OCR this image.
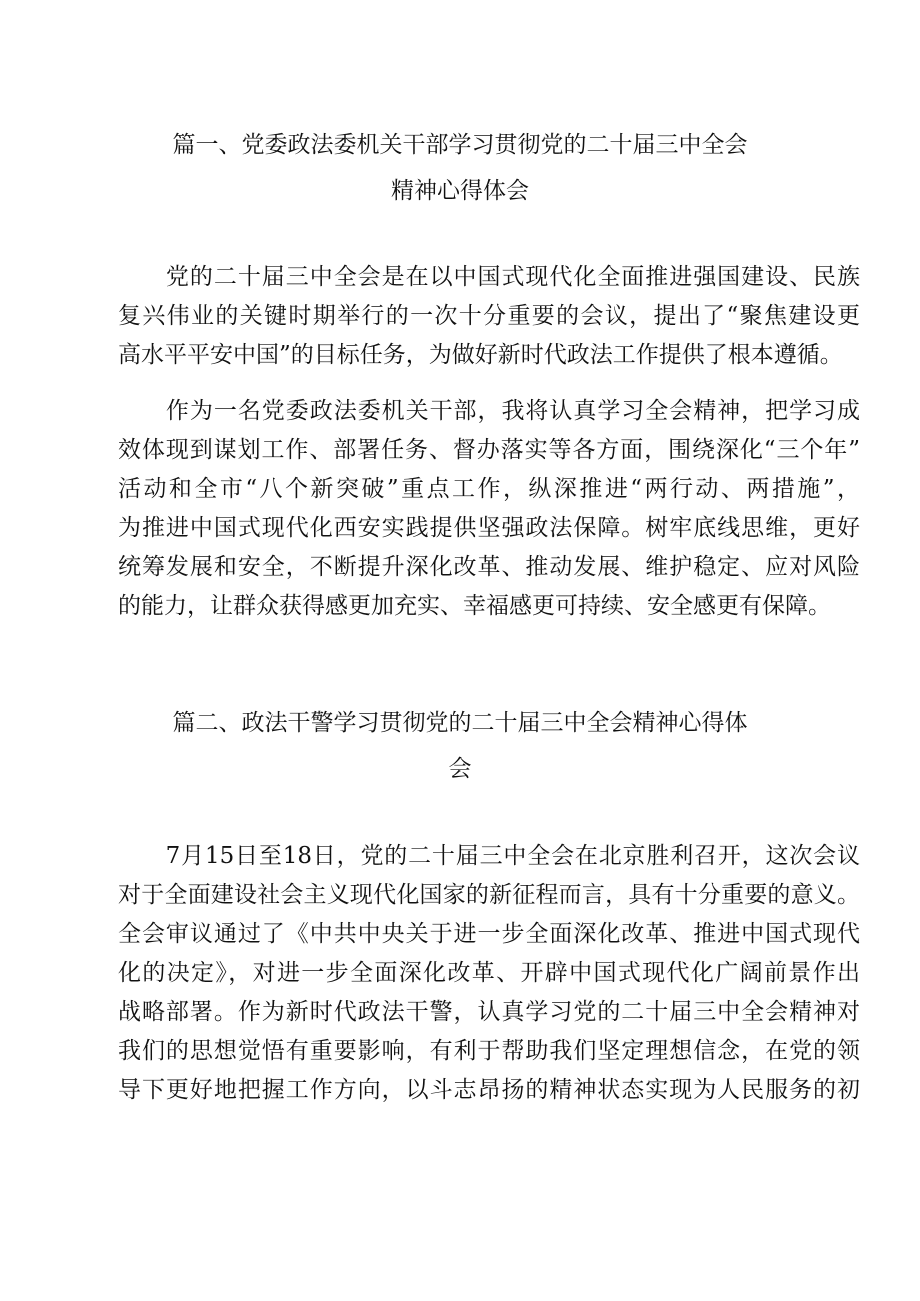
篇一、党委政法委机关干部学习贯彻党的二十届三中全会
精神心得体会

　　党的二十届三中全会是在以中国式现代化全面推进强国建设、民族
复兴伟业的关键时期举行的一次十分重要的会议，提出了“聚焦建设更
高水平平安中国”的目标任务，为做好新时代政法工作提供了根本遵循。

　　作为一名党委政法委机关干部，我将认真学习全会精神，把学习成
效体现到谋划工作、部署任务、督办落实等各方面，围绕深化“三个年”
活动和全市“八个新突破”重点工作，纵深推进“两行动、两措施”，
为推进中国式现代化西安实践提供坚强政法保障。树牢底线思维，更好
统筹发展和安全，不断提升深化改革、推动发展、维护稳定、应对风险
的能力，让群众获得感更加充实、幸福感更可持续、安全感更有保障。

篇二、政法干警学习贯彻党的二十届三中全会精神心得体
会

　　7月15日至18日，党的二十届三中全会在北京胜利召开，这次会议
对于全面建设社会主义现代化国家的新征程而言，具有十分重要的意义。
全会审议通过了《中共中央关于进一步全面深化改革、推进中国式现代
化的决定》，对进一步全面深化改革、开辟中国式现代化广阔前景作出
战略部署。作为新时代政法干警，认真学习党的二十届三中全会精神对
我们的思想觉悟有重要影响，有利于帮助我们坚定理想信念，在党的领
导下更好地把握工作方向，以斗志昂扬的精神状态实现为人民服务的初
